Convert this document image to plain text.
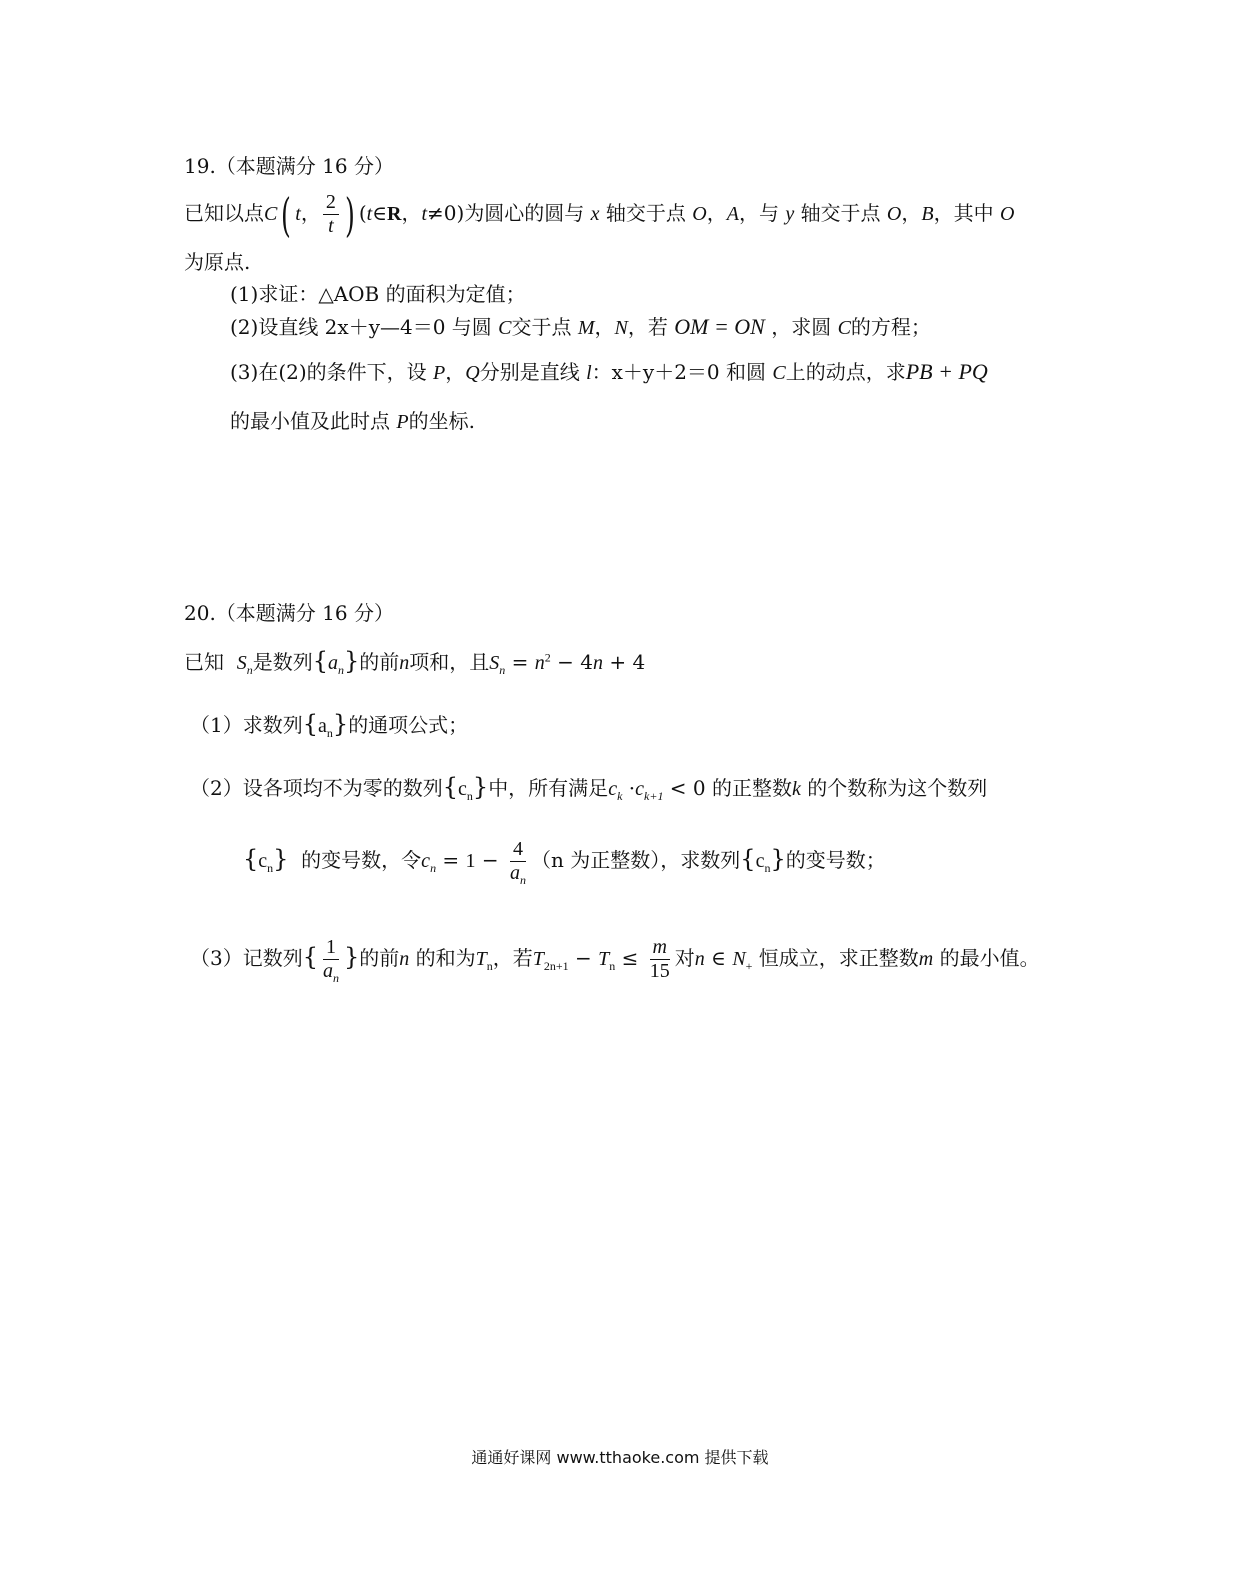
19.（本题满分 16 分）
已知以点C( t， $\frac{2}{t}$ ) (t∈R，t≠0)为圆心的圆与 x 轴交于点 O，A，与 y 轴交于点 O，B，其中 O
为原点.
(1)求证：△AOB 的面积为定值；
(2)设直线 2x＋y—4＝0 与圆 C交于点 M，N，若 OM = ON ，求圆 C的方程；
(3)在(2)的条件下，设 P，Q分别是直线 l：x＋y＋2＝0 和圆 C上的动点，求PB + PQ
的最小值及此时点 P的坐标.
20.（本题满分 16 分）
已知 $S_n$是数列$\{a_n\}$的前n项和，且$S_n = n^2 - 4n + 4$
（1）求数列$\{a_n\}$的通项公式；
（2）设各项均不为零的数列$\{c_n\}$中，所有满足$c_k \cdot c_{k+1} < 0$ 的正整数k 的个数称为这个数列
$\{c_n\}$ 的变号数，令$c_n = 1 - \frac{4}{a_n} (n$ 为正整数），求数列$\{c_n\}$的变号数；
（3）记数列{ $\frac{1}{a_n}$ }的前n 的和为$T_n$，若$T_{2n+1} - T_n \le \frac{m}{15}$ 对n ∈ $N_+$ 恒成立，求正整数m 的最小值。
通通好课网 www.tthaoke.com 提供下载
